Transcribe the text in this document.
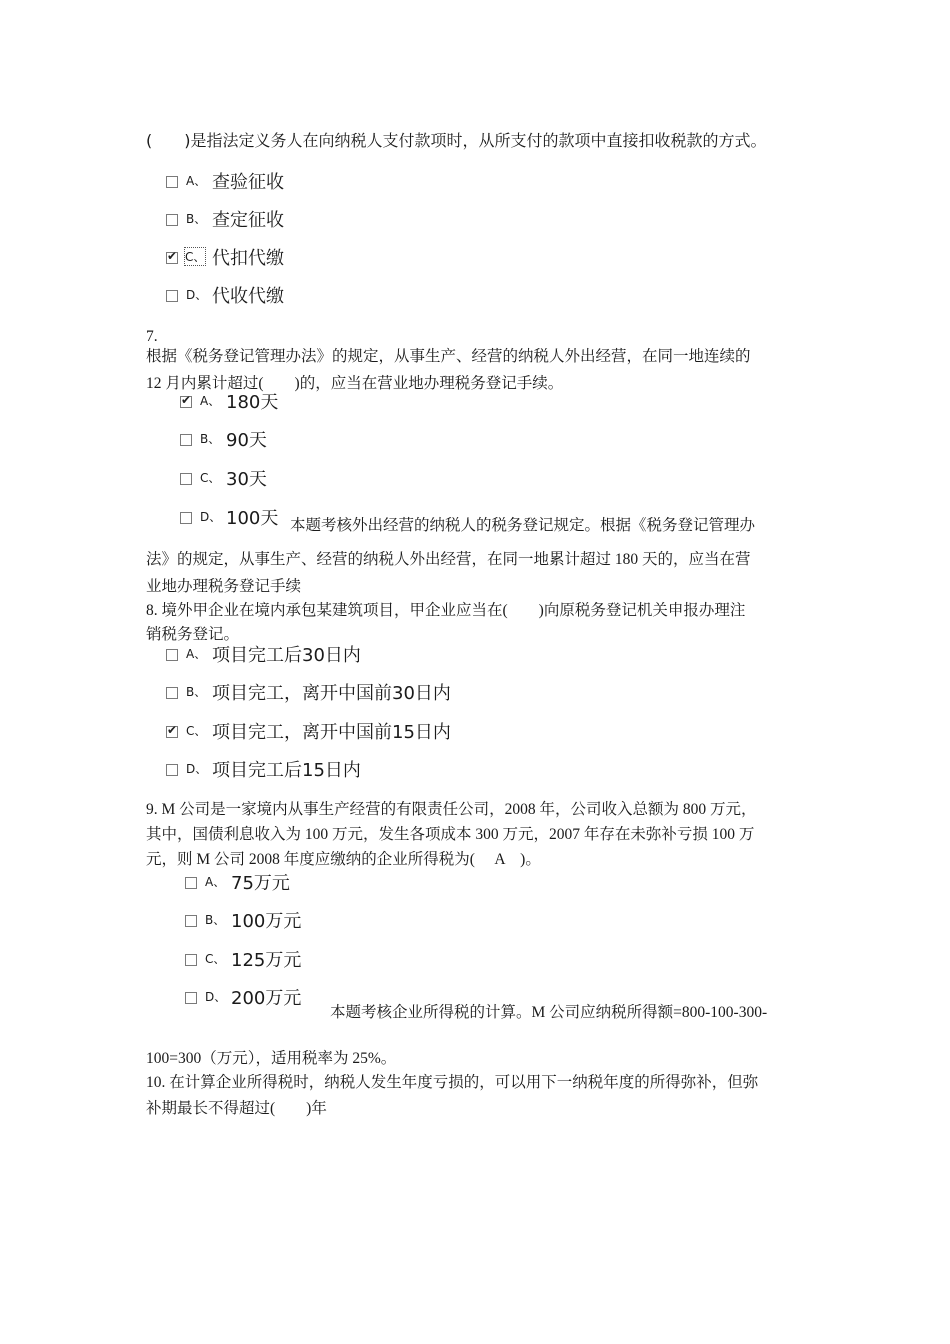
(　　)是指法定义务人在向纳税人支付款项时，从所支付的款项中直接扣收税款的方式。
A、 查验征收
B、 查定征收
✔
C、 代扣代缴
D、 代收代缴
7.
根据《税务登记管理办法》的规定，从事生产、经营的纳税人外出经营，在同一地连续的
12 月内累计超过(　　)的，应当在营业地办理税务登记手续。
✔
A、 180天
B、 90天
C、 30天
D、 100天 本题考核外出经营的纳税人的税务登记规定。根据《税务登记管理办
法》的规定，从事生产、经营的纳税人外出经营，在同一地累计超过 180 天的，应当在营
业地办理税务登记手续
8. 境外甲企业在境内承包某建筑项目，甲企业应当在(　　)向原税务登记机关申报办理注
销税务登记。
A、 项目完工后30日内
B、 项目完工，离开中国前30日内
✔
C、 项目完工，离开中国前15日内
D、 项目完工后15日内
9. M 公司是一家境内从事生产经营的有限责任公司，2008 年，公司收入总额为 800 万元，
其中，国债利息收入为 100 万元，发生各项成本 300 万元，2007 年存在未弥补亏损 100 万
元，则 M 公司 2008 年度应缴纳的企业所得税为(　 A　)。
A、 75万元
B、 100万元
C、 125万元
D、 200万元
本题考核企业所得税的计算。M 公司应纳税所得额=800-100-300-
100=300（万元），适用税率为 25%。
10. 在计算企业所得税时，纳税人发生年度亏损的，可以用下一纳税年度的所得弥补，但弥
补期最长不得超过(　　)年
